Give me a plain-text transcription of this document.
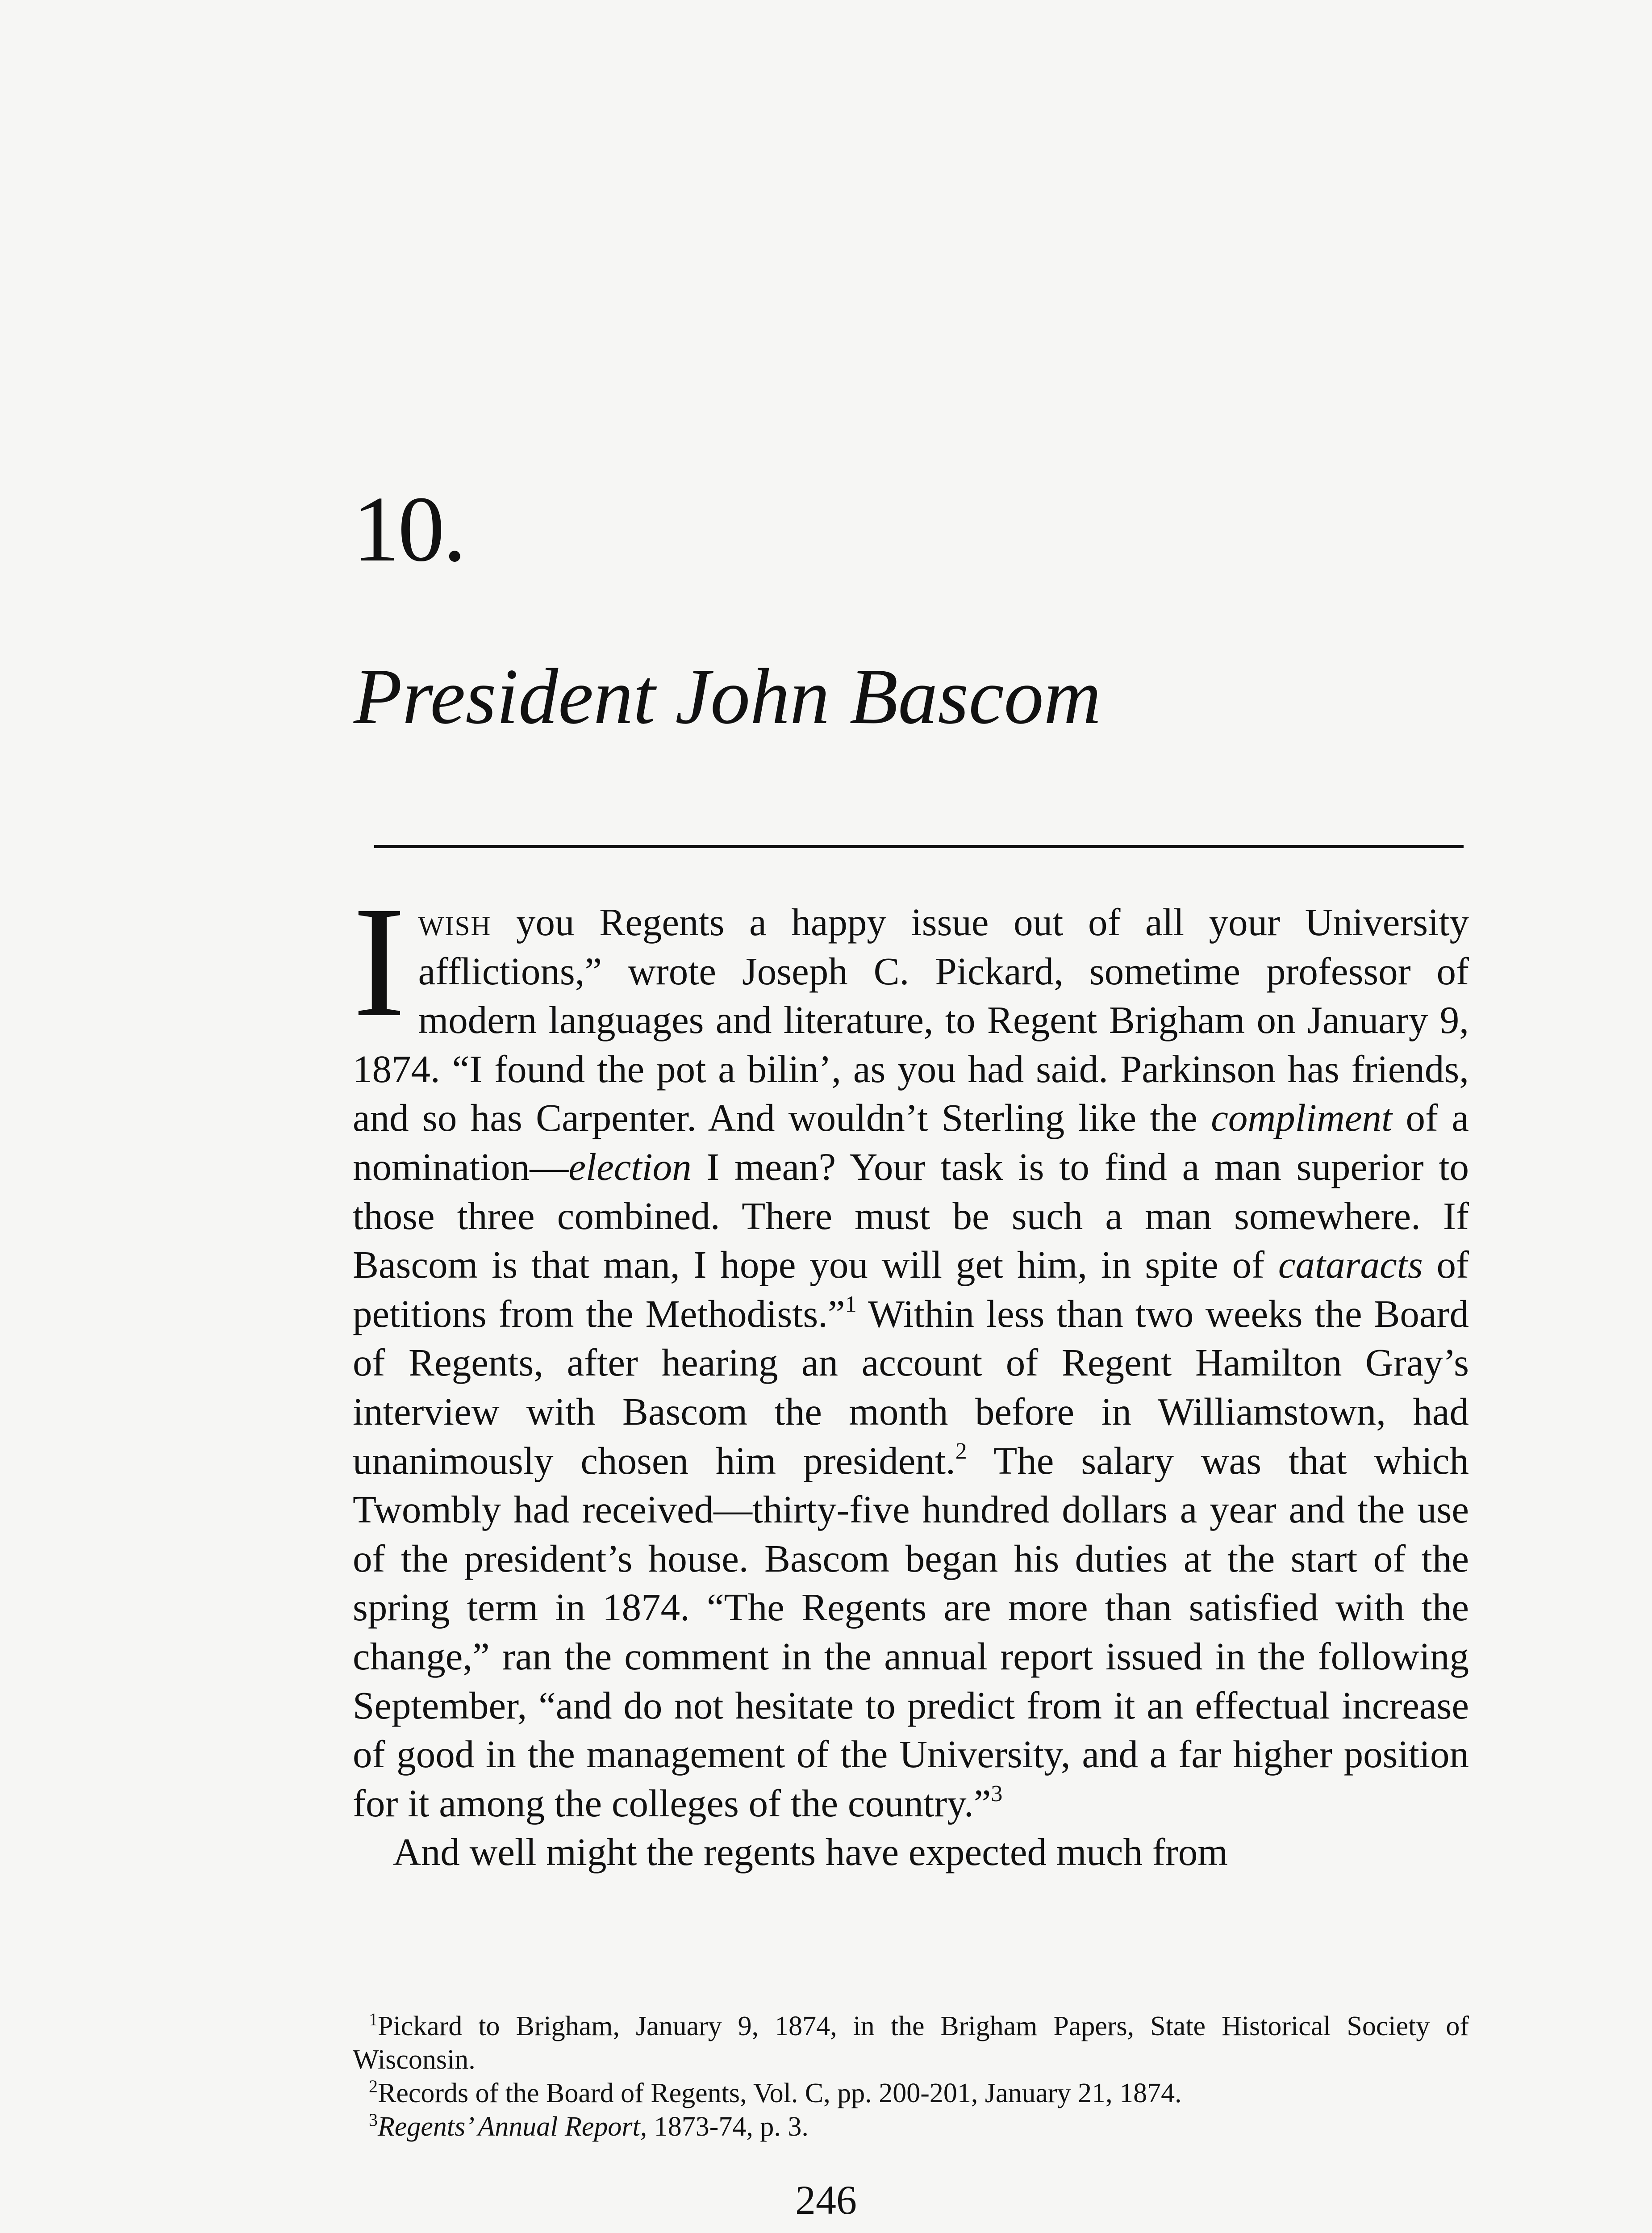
10.
President John Bascom

Iwish you Regents a happy issue out of all your University afflictions,” wrote Joseph C. Pickard, sometime professor of modern languages and literature, to Regent Brigham on January 9, 1874. “I found the pot a bilin’, as you had said. Parkinson has friends, and so has Carpenter. And wouldn’t Sterling like the compliment of a nomination—election I mean? Your task is to find a man superior to those three combined. There must be such a man somewhere. If Bascom is that man, I hope you will get him, in spite of cataracts of petitions from the Methodists.”$^1$ Within less than two weeks the Board of Regents, after hearing an account of Regent Hamilton Gray’s interview with Bascom the month before in Williamstown, had unanimously chosen him president.$^2$ The salary was that which Twombly had received—thirty-five hundred dollars a year and the use of the president’s house. Bascom began his duties at the start of the spring term in 1874. “The Regents are more than satisfied with the change,” ran the comment in the annual report issued in the following September, “and do not hesitate to predict from it an effectual increase of good in the management of the University, and a far higher position for it among the colleges of the country.”$^3$

And well might the regents have expected much from

$^1$Pickard to Brigham, January 9, 1874, in the Brigham Papers, State Historical Society of Wisconsin.

$^2$Records of the Board of Regents, Vol. C, pp. 200-201, January 21, 1874.

$^3$Regents’ Annual Report, 1873-74, p. 3.

246
